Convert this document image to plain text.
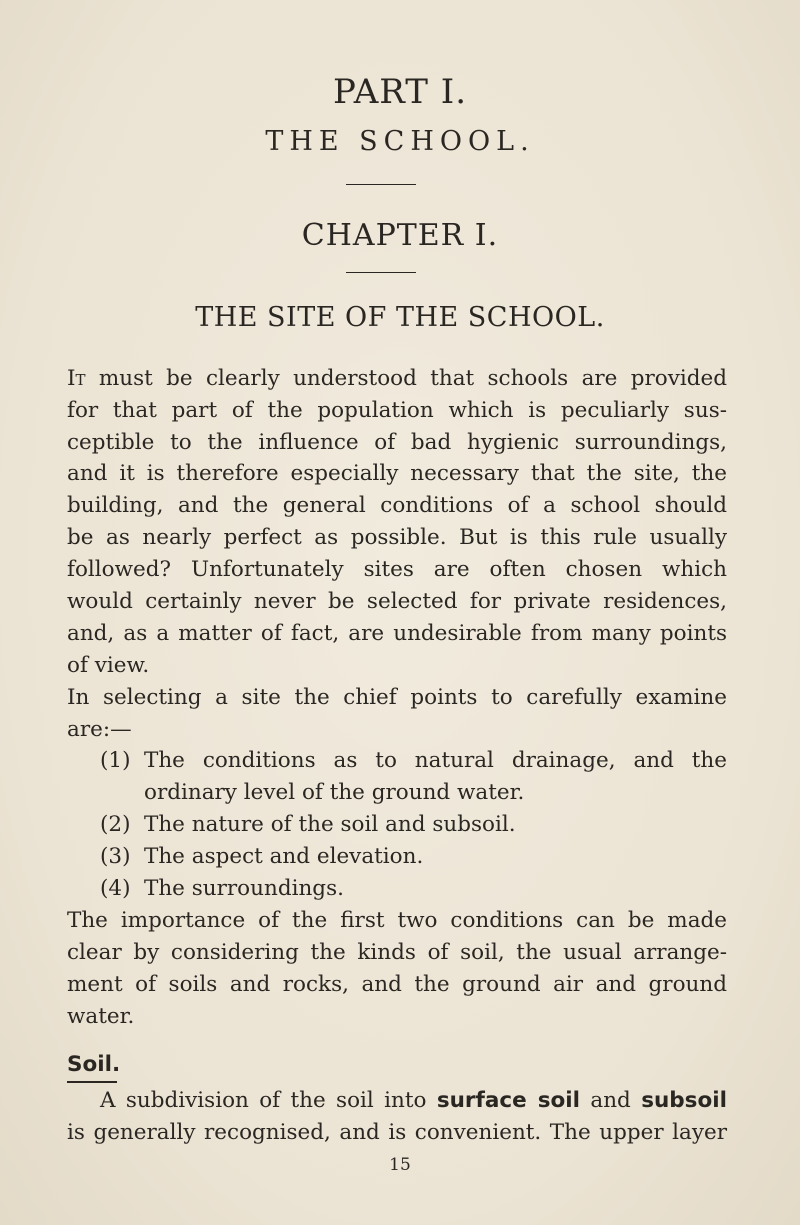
PART I.
THE SCHOOL.
CHAPTER I.
THE SITE OF THE SCHOOL.

It must be clearly understood that schools are provided

for that part of the population which is peculiarly sus-

ceptible to the influence of bad hygienic surroundings,

and it is therefore especially necessary that the site, the

building, and the general conditions of a school should

be as nearly perfect as possible. But is this rule usually

followed? Unfortunately sites are often chosen which

would certainly never be selected for private residences,

and, as a matter of fact, are undesirable from many points

of view.

In selecting a site the chief points to carefully examine

are:—

(1) The conditions as to natural drainage, and the

ordinary level of the ground water.

(2) The nature of the soil and subsoil.

(3) The aspect and elevation.

(4) The surroundings.

The importance of the first two conditions can be made

clear by considering the kinds of soil, the usual arrange-

ment of soils and rocks, and the ground air and ground

water.

Soil.

A subdivision of the soil into surface soil and subsoil

is generally recognised, and is convenient. The upper layer

15
